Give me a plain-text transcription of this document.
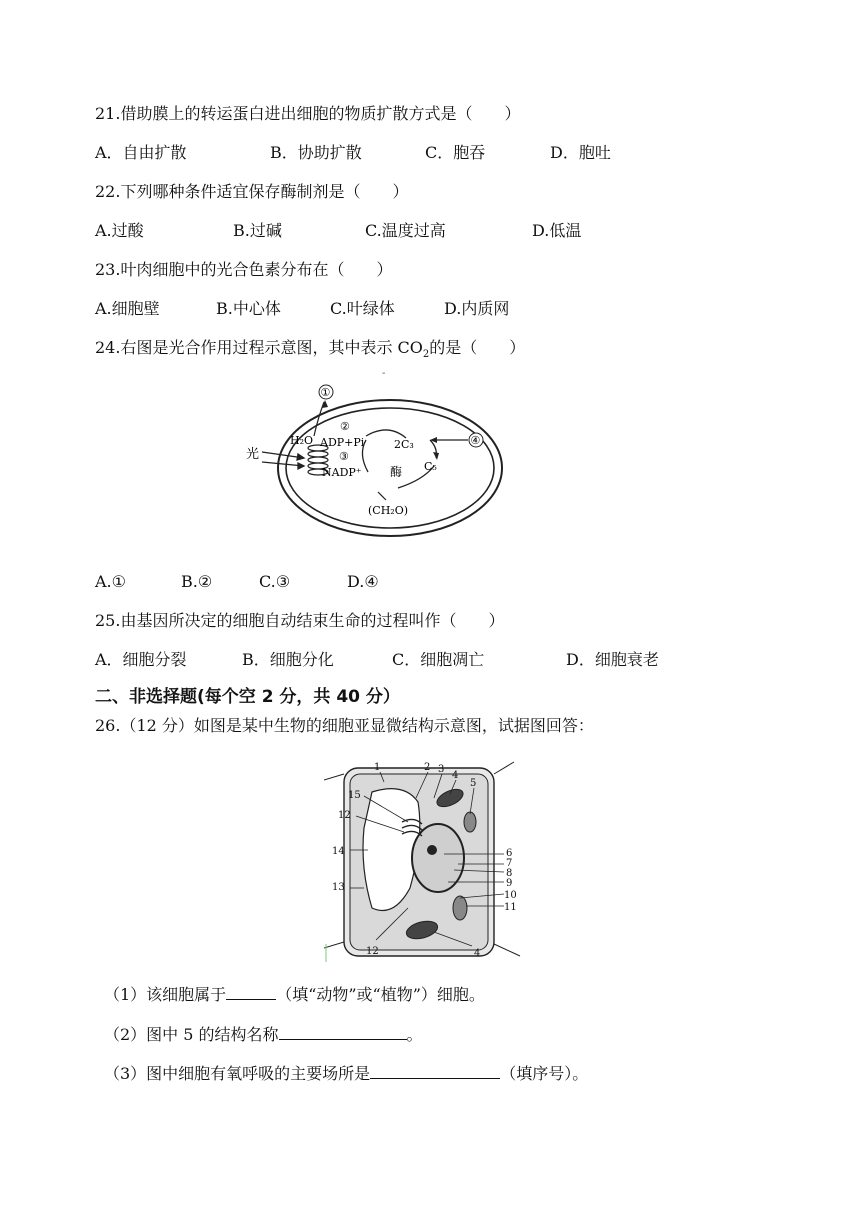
21.借助膜上的转运蛋白进出细胞的物质扩散方式是（　　）
A．自由扩散	B．协助扩散	C．胞吞	D．胞吐
22.下列哪种条件适宜保存酶制剂是（　　）
A.过酸	B.过碱	C.温度过高	D.低温
23.叶肉细胞中的光合色素分布在（　　）
A.细胞壁	B.中心体	C.叶绿体	D.内质网
24.右图是光合作用过程示意图，其中表示 $CO_2$的是（　　）
-
光
①
H₂O
②
ADP+Pi
③
NADP⁺
2C₃
C₅
酶
(CH₂O)
④
A.①	B.②	C.③	D.④
25.由基因所决定的细胞自动结束生命的过程叫作（　　）
A．细胞分裂	B．细胞分化	C．细胞凋亡	D．细胞衰老
二、非选择题(每个空 2 分，共 40 分）
26.（12 分）如图是某中生物的细胞亚显微结构示意图，试据图回答：
1	2 3
4
5
6
7
8
9
10
11
12
13
14
15
12	4
（1）该细胞属于	（填“动物”或“植物”）细胞。
（2）图中 5 的结构名称	。
（3）图中细胞有氧呼吸的主要场所是	（填序号）。
